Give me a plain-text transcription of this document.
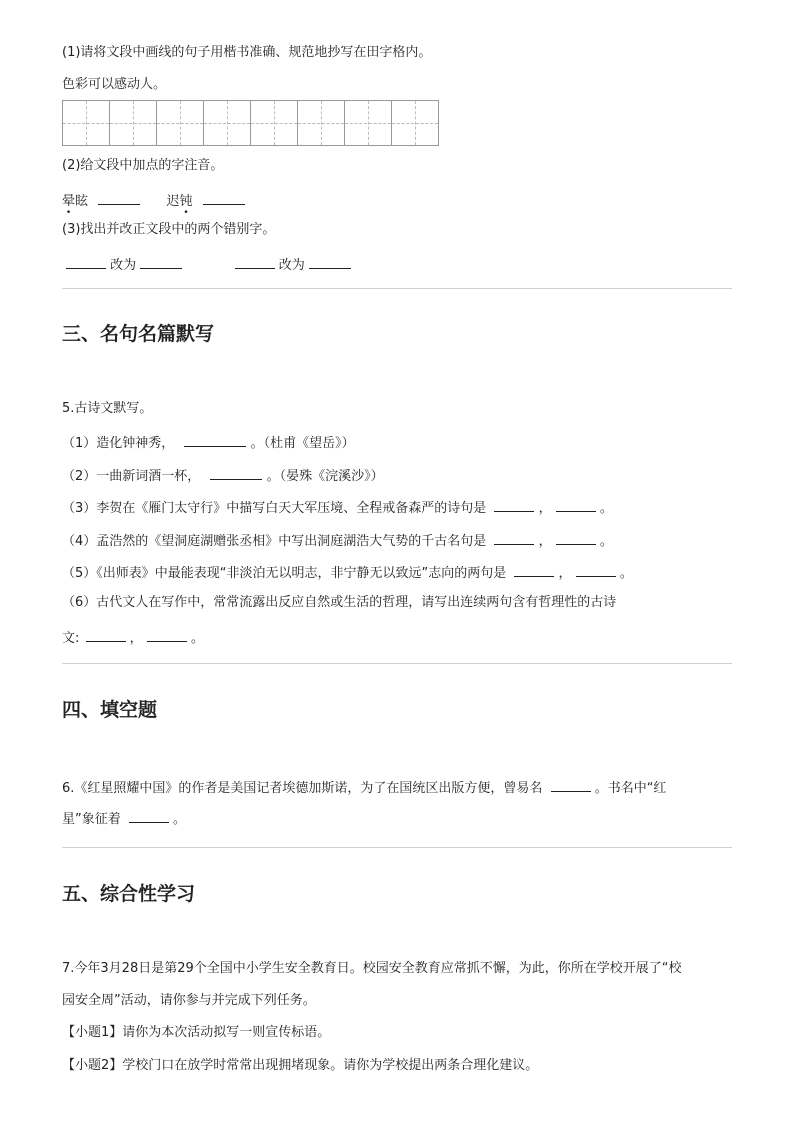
(1)请将文段中画线的句子用楷书准确、规范地抄写在田字格内。
色彩可以感动人。
(2)给文段中加点的字注音。
晕眩	迟钝
(3)找出并改正文段中的两个错别字。
改为	改为
三、名句名篇默写
5.古诗文默写。
（1）造化钟神秀，	。（杜甫《望岳》）
（2）一曲新词酒一杯，	。（晏殊《浣溪沙》）
（3）李贺在《雁门太守行》中描写白天大军压境、全程戒备森严的诗句是	，	。
（4）孟浩然的《望洞庭湖赠张丞相》中写出洞庭湖浩大气势的千古名句是	，	。
（5）《出师表》中最能表现“非淡泊无以明志，非宁静无以致远”志向的两句是	，	。
（6）古代文人在写作中，常常流露出反应自然或生活的哲理，请写出连续两句含有哲理性的古诗
文:	，	。
四、填空题
6.《红星照耀中国》的作者是美国记者埃德加斯诺，为了在国统区出版方便，曾易名	。书名中“红
星”象征着	。
五、综合性学习
7.今年3月28日是第29个全国中小学生安全教育日。校园安全教育应常抓不懈，为此，你所在学校开展了“校
园安全周”活动，请你参与并完成下列任务。
【小题1】请你为本次活动拟写一则宣传标语。
【小题2】学校门口在放学时常常出现拥堵现象。请你为学校提出两条合理化建议。
